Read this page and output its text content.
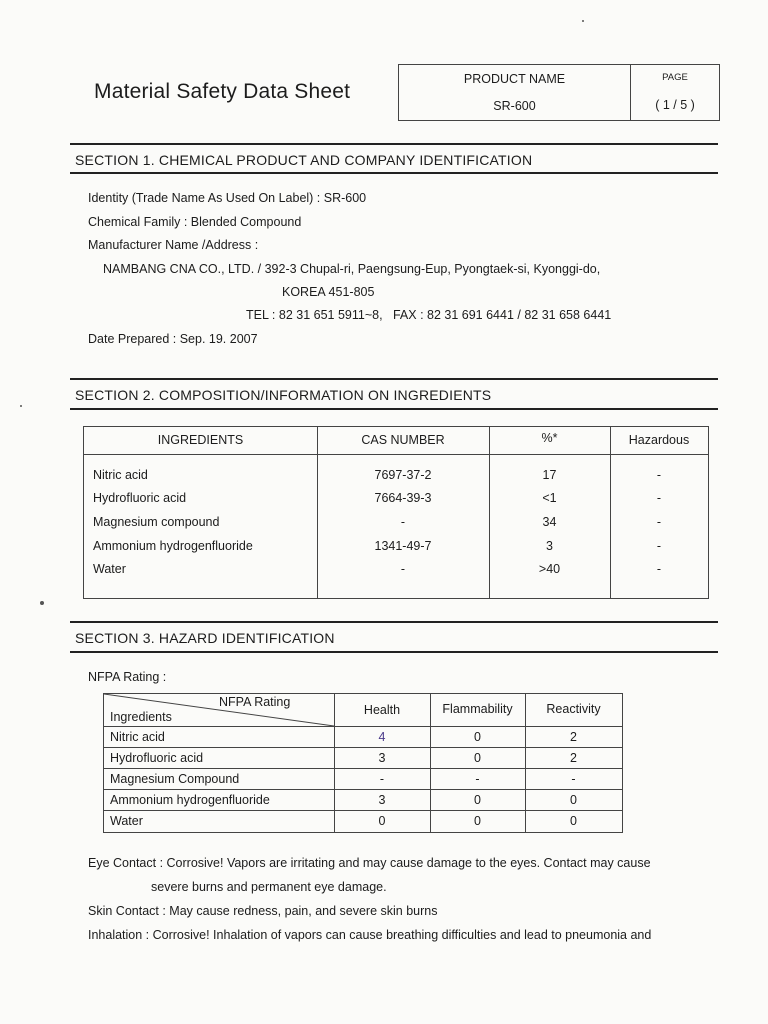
Material Safety Data Sheet
PRODUCT NAME
SR-600
PAGE
( 1 / 5 )
SECTION 1. CHEMICAL PRODUCT AND COMPANY IDENTIFICATION
Identity (Trade Name As Used On Label) : SR-600
Chemical Family : Blended Compound
Manufacturer Name /Address :
NAMBANG CNA CO., LTD. / 392-3 Chupal-ri, Paengsung-Eup, Pyongtaek-si, Kyonggi-do,
KOREA 451-805
TEL : 82 31 651 5911~8,   FAX : 82 31 691 6441 / 82 31 658 6441
Date Prepared : Sep. 19. 2007
SECTION 2. COMPOSITION/INFORMATION ON INGREDIENTS
INGREDIENTS	CAS NUMBER	%*	Hazardous
Nitric acid	7697-37-2	17	-
Hydrofluoric acid	7664-39-3	<1	-
Magnesium compound	-	34	-
Ammonium hydrogenfluoride	1341-49-7	3	-
Water	-	>40	-
SECTION 3. HAZARD IDENTIFICATION
NFPA Rating :
NFPA Rating
Ingredients	Health	Flammability	Reactivity
Nitric acid	4	0	2
Hydrofluoric acid	3	0	2
Magnesium Compound	-	-	-
Ammonium hydrogenfluoride	3	0	0
Water	0	0	0
Eye Contact : Corrosive! Vapors are irritating and may cause damage to the eyes. Contact may cause
severe burns and permanent eye damage.
Skin Contact : May cause redness, pain, and severe skin burns
Inhalation : Corrosive! Inhalation of vapors can cause breathing difficulties and lead to pneumonia and
